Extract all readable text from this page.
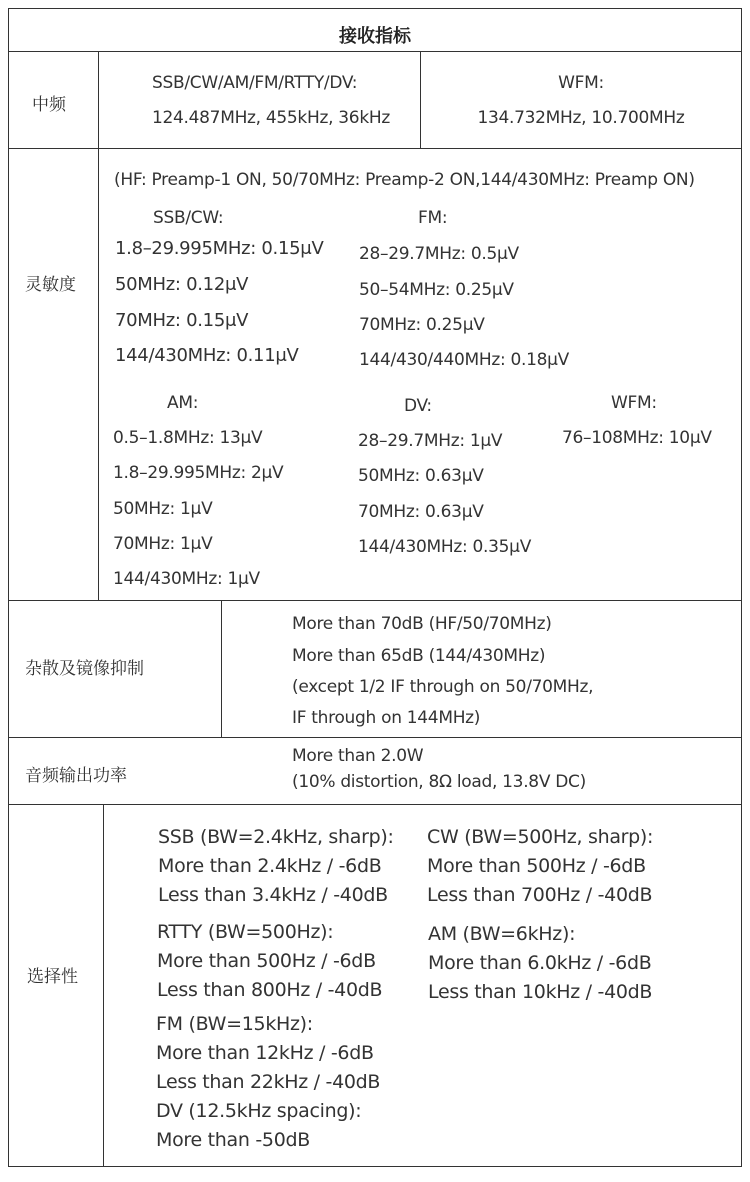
接收指标
中频
SSB/CW/AM/FM/RTTY/DV:
124.487MHz, 455kHz, 36kHz
WFM:
134.732MHz, 10.700MHz
灵敏度
(HF: Preamp-1 ON, 50/70MHz: Preamp-2 ON,144/430MHz: Preamp ON)
SSB/CW:
1.8–29.995MHz: 0.15μV
50MHz: 0.12μV
70MHz: 0.15μV
144/430MHz: 0.11μV
FM:
28–29.7MHz: 0.5μV
50–54MHz: 0.25μV
70MHz: 0.25μV
144/430/440MHz: 0.18μV
AM:
0.5–1.8MHz: 13μV
1.8–29.995MHz: 2μV
50MHz: 1μV
70MHz: 1μV
144/430MHz: 1μV
DV:
28–29.7MHz: 1μV
50MHz: 0.63μV
70MHz: 0.63μV
144/430MHz: 0.35μV
WFM:
76–108MHz: 10μV
杂散及镜像抑制
More than 70dB (HF/50/70MHz)
More than 65dB (144/430MHz)
(except 1/2 IF through on 50/70MHz,
IF through on 144MHz)
音频输出功率
More than 2.0W
(10% distortion, 8Ω load, 13.8V DC)
选择性
SSB (BW=2.4kHz, sharp):
More than 2.4kHz / -6dB
Less than 3.4kHz / -40dB
CW (BW=500Hz, sharp):
More than 500Hz / -6dB
Less than 700Hz / -40dB
RTTY (BW=500Hz):
More than 500Hz / -6dB
Less than 800Hz / -40dB
AM (BW=6kHz):
More than 6.0kHz / -6dB
Less than 10kHz / -40dB
FM (BW=15kHz):
More than 12kHz / -6dB
Less than 22kHz / -40dB
DV (12.5kHz spacing):
More than -50dB
